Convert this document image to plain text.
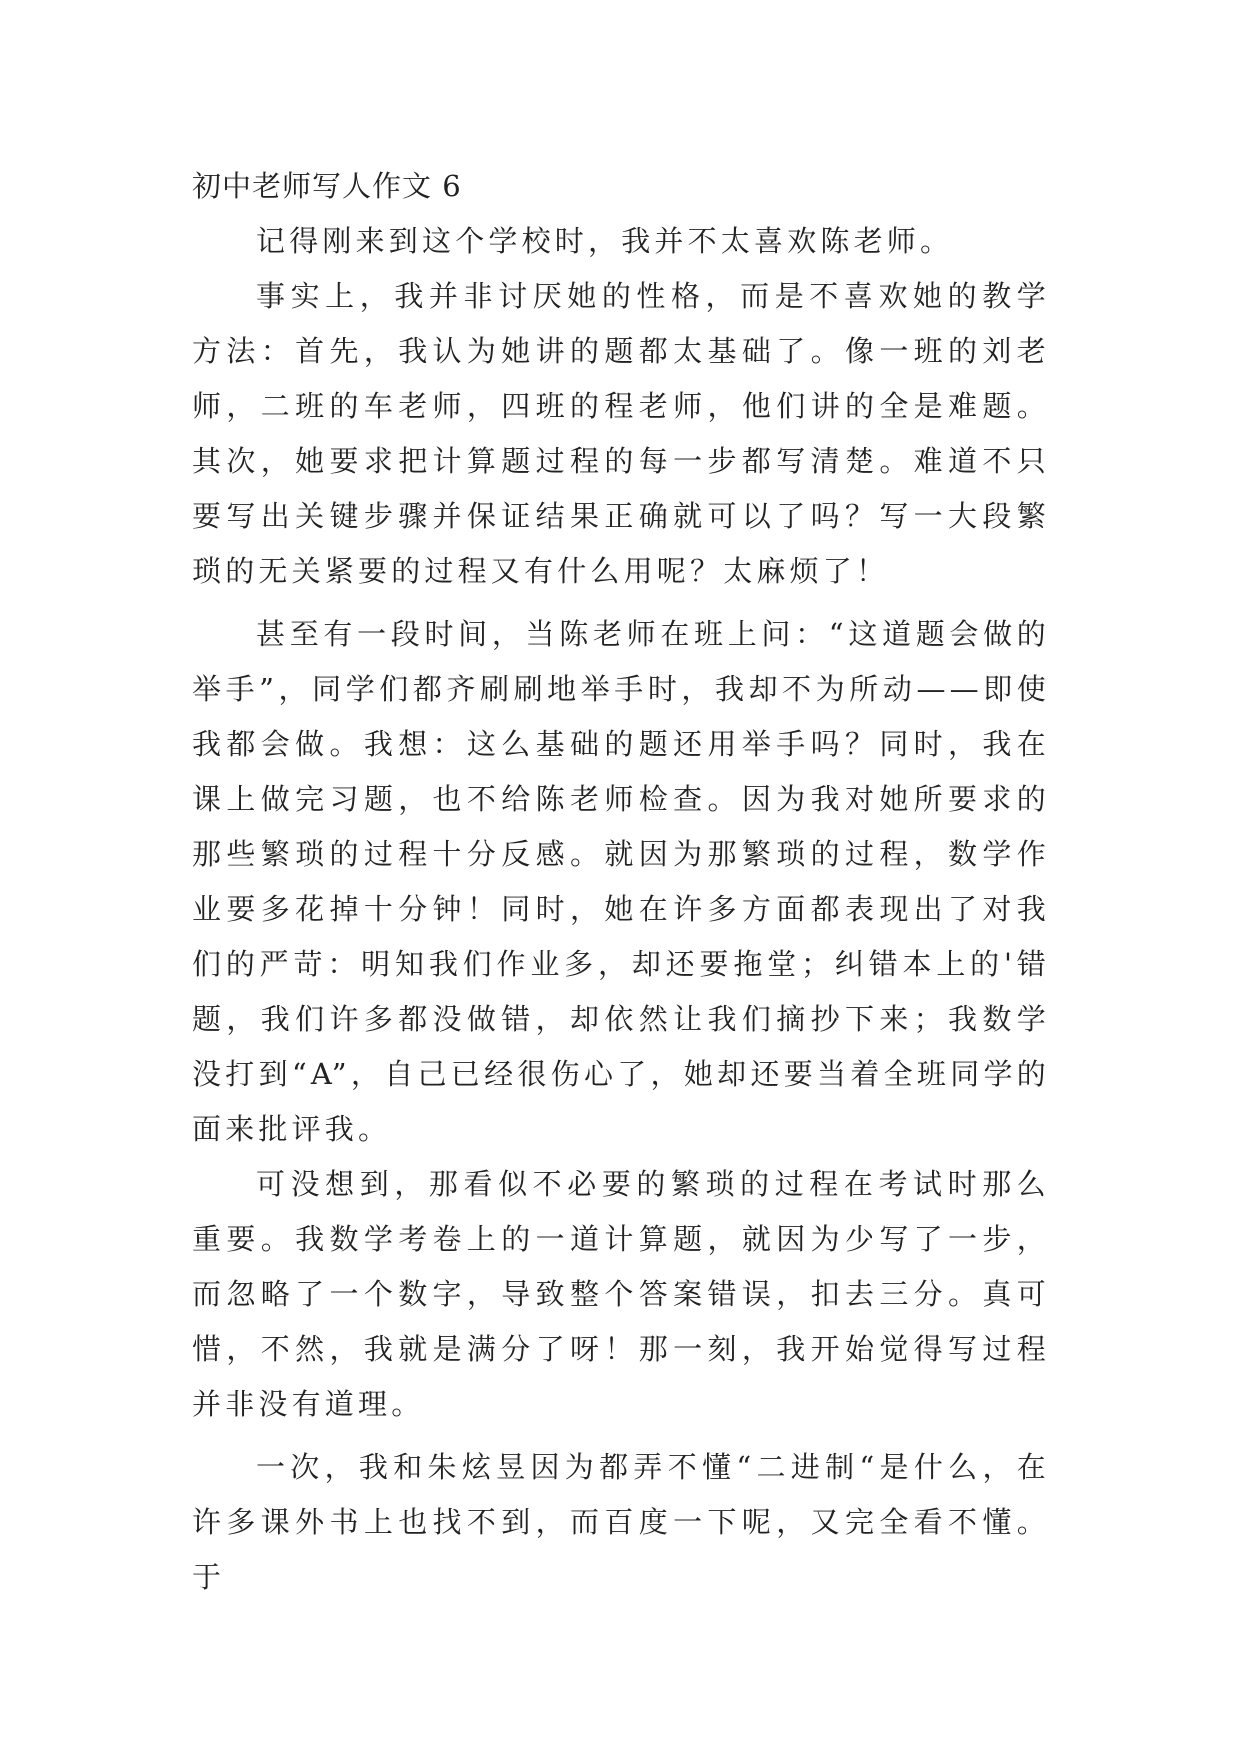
初中老师写人作文 6

记得刚来到这个学校时，我并不太喜欢陈老师。

事实上，我并非讨厌她的性格，而是不喜欢她的教学方法：首先，我认为她讲的题都太基础了。像一班的刘老师，二班的车老师，四班的程老师，他们讲的全是难题。其次，她要求把计算题过程的每一步都写清楚。难道不只要写出关键步骤并保证结果正确就可以了吗？写一大段繁琐的无关紧要的过程又有什么用呢？太麻烦了！

甚至有一段时间，当陈老师在班上问：“这道题会做的举手”，同学们都齐刷刷地举手时，我却不为所动——即使我都会做。我想：这么基础的题还用举手吗？同时，我在课上做完习题，也不给陈老师检查。因为我对她所要求的那些繁琐的过程十分反感。就因为那繁琐的过程，数学作业要多花掉十分钟！同时，她在许多方面都表现出了对我们的严苛：明知我们作业多，却还要拖堂；纠错本上的'错题，我们许多都没做错，却依然让我们摘抄下来；我数学没打到“A”，自己已经很伤心了，她却还要当着全班同学的面来批评我。

可没想到，那看似不必要的繁琐的过程在考试时那么重要。我数学考卷上的一道计算题，就因为少写了一步，而忽略了一个数字，导致整个答案错误，扣去三分。真可惜，不然，我就是满分了呀！那一刻，我开始觉得写过程并非没有道理。

一次，我和朱炫昱因为都弄不懂“二进制“是什么，在许多课外书上也找不到，而百度一下呢，又完全看不懂。于
